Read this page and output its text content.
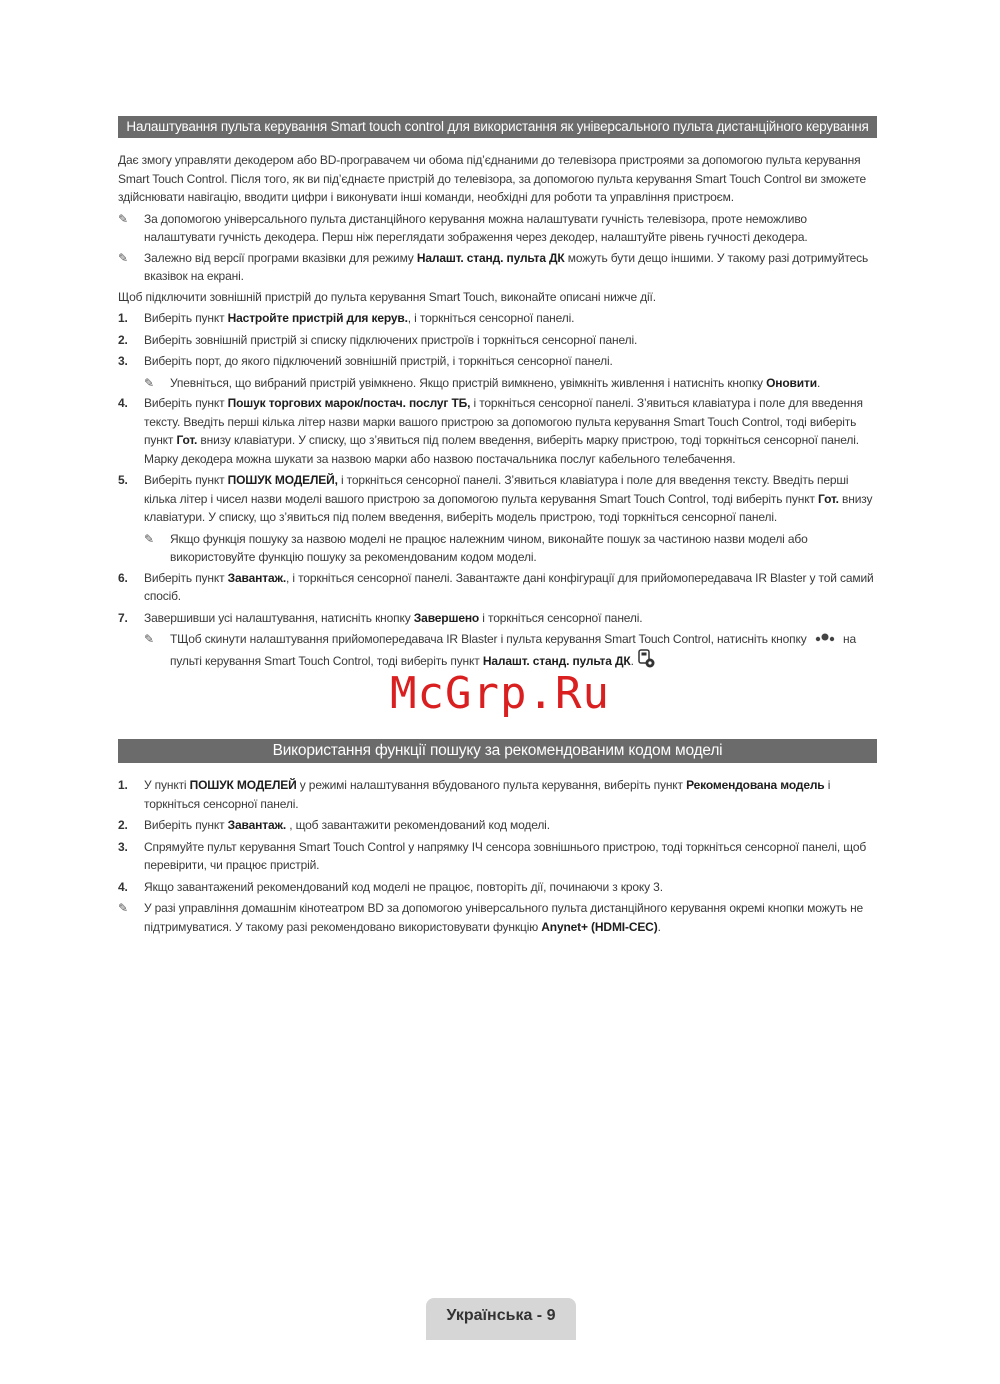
Налаштування пульта керування Smart touch control для використання як універсального пульта дистанційного керування

Дає змогу управляти декодером або BD-програвачем чи обома під’єднаними до телевізора пристроями за допомогою пульта керування Smart Touch Control. Після того, як ви під’єднаєте пристрій до телевізора, за допомогою пульта керування Smart Touch Control ви зможете здійснювати навігацію, вводити цифри і виконувати інші команди, необхідні для роботи та управління пристроєм.

✎ За допомогою універсального пульта дистанційного керування можна налаштувати гучність телевізора, проте неможливо налаштувати гучність декодера. Перш ніж переглядати зображення через декодер, налаштуйте рівень гучності декодера.
✎ Залежно від версії програми вказівки для режиму Налашт. станд. пульта ДК можуть бути дещо іншими. У такому разі дотримуйтесь вказівок на екрані.

Щоб підключити зовнішній пристрій до пульта керування Smart Touch, виконайте описані нижче дії.

1. Виберіть пункт Настройте пристрій для керув., і торкніться сенсорної панелі.
2. Виберіть зовнішній пристрій зі списку підключених пристроїв і торкніться сенсорної панелі.
3. Виберіть порт, до якого підключений зовнішній пристрій, і торкніться сенсорної панелі.
✎ Упевніться, що вибраний пристрій увімкнено. Якщо пристрій вимкнено, увімкніть живлення і натисніть кнопку Оновити.
4. Виберіть пункт Пошук торгових марок/постач. послуг ТБ, і торкніться сенсорної панелі. З’явиться клавіатура і поле для введення тексту. Введіть перші кілька літер назви марки вашого пристрою за допомогою пульта керування Smart Touch Control, тоді виберіть пункт Гот. внизу клавіатури. У списку, що з’явиться під полем введення, виберіть марку пристрою, тоді торкніться сенсорної панелі.
Марку декодера можна шукати за назвою марки або назвою постачальника послуг кабельного телебачення.
5. Виберіть пункт ПОШУК МОДЕЛЕЙ, і торкніться сенсорної панелі. З’явиться клавіатура і поле для введення тексту. Введіть перші кілька літер і чисел назви моделі вашого пристрою за допомогою пульта керування Smart Touch Control, тоді виберіть пункт Гот. внизу клавіатури. У списку, що з’явиться під полем введення, виберіть модель пристрою, тоді торкніться сенсорної панелі.
✎ Якщо функція пошуку за назвою моделі не працює належним чином, виконайте пошук за частиною назви моделі або використовуйте функцію пошуку за рекомендованим кодом моделі.
6. Виберіть пункт Завантаж., і торкніться сенсорної панелі. Завантажте дані конфігурації для прийомопередавача IR Blaster у той самий спосіб.
7. Завершивши усі налаштування, натисніть кнопку Завершено і торкніться сенсорної панелі.
✎ ТЩоб скинути налаштування прийомопередавача IR Blaster і пульта керування Smart Touch Control, натисніть кнопку	на пульті керування Smart Touch Control, тоді виберіть пункт Налашт. станд. пульта ДК.
McGrp.Ru
Використання функції пошуку за рекомендованим кодом моделі
1. У пункті ПОШУК МОДЕЛЕЙ у режимі налаштування вбудованого пульта керування, виберіть пункт Рекомендована модель і торкніться сенсорної панелі.
2. Виберіть пункт Завантаж. , щоб завантажити рекомендований код моделі.
3. Спрямуйте пульт керування Smart Touch Control у напрямку ІЧ сенсора зовнішнього пристрою, тоді торкніться сенсорної панелі, щоб перевірити, чи працює пристрій.
4. Якщо завантажений рекомендований код моделі не працює, повторіть дії, починаючи з кроку 3.
✎ У разі управління домашнім кінотеатром BD за допомогою універсального пульта дистанційного керування окремі кнопки можуть не підтримуватися. У такому разі рекомендовано використовувати функцію Anynet+ (HDMI-CEC).
Українська - 9
